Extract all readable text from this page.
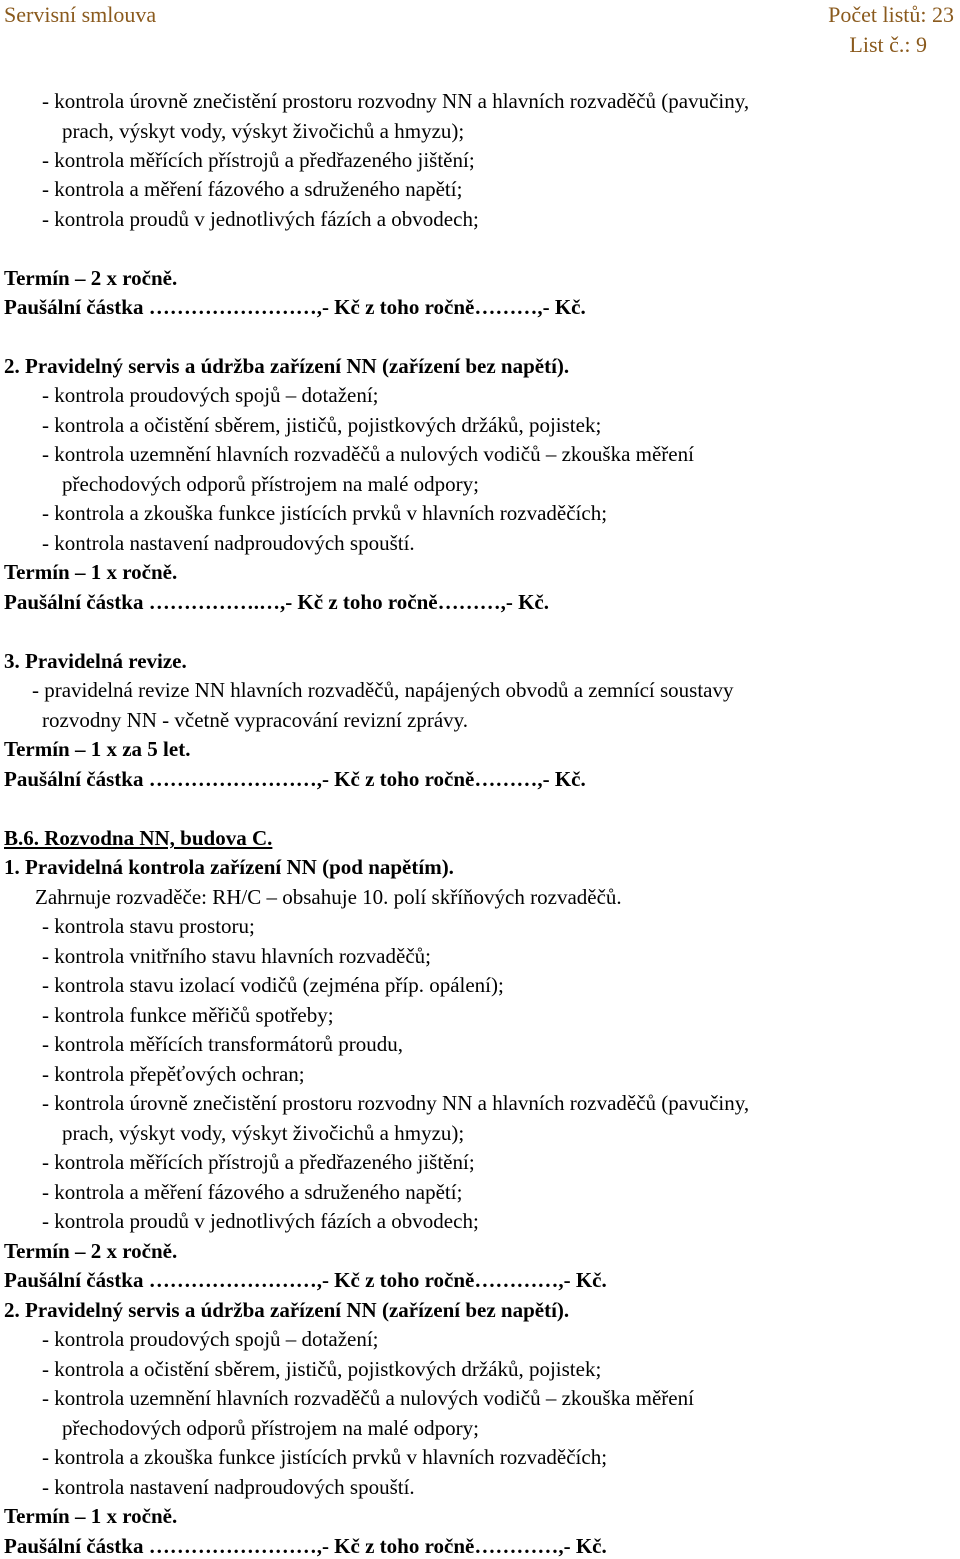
Servisní smlouva	Počet listů: 23
List č.: 9
- kontrola úrovně znečistění prostoru rozvodny NN a hlavních rozvaděčů (pavučiny,
prach, výskyt vody, výskyt živočichů a hmyzu);
- kontrola měřících přístrojů a předřazeného jištění;
- kontrola a měření fázového a sdruženého napětí;
- kontrola proudů v jednotlivých fázích a obvodech;
Termín – 2 x ročně.
Paušální částka ……………………,- Kč z toho ročně………,- Kč.
2. Pravidelný servis a údržba zařízení NN (zařízení bez napětí).
- kontrola proudových spojů – dotažení;
- kontrola a očistění sběrem, jističů, pojistkových držáků, pojistek;
- kontrola uzemnění hlavních rozvaděčů a nulových vodičů – zkouška měření
přechodových odporů přístrojem na malé odpory;
- kontrola a zkouška funkce jistících prvků v hlavních rozvaděčích;
- kontrola nastavení nadproudových spouští.
Termín – 1 x ročně.
Paušální částka …………….…,- Kč z toho ročně………,- Kč.
3. Pravidelná revize.
- pravidelná revize NN hlavních rozvaděčů, napájených obvodů a zemnící soustavy
rozvodny NN - včetně vypracování revizní zprávy.
Termín – 1 x za 5 let.
Paušální částka ……………………,- Kč z toho ročně………,- Kč.
B.6. Rozvodna NN, budova C.
1. Pravidelná kontrola zařízení NN (pod napětím).
Zahrnuje rozvaděče: RH/C – obsahuje 10. polí skříňových rozvaděčů.
- kontrola stavu prostoru;
- kontrola vnitřního stavu hlavních rozvaděčů;
- kontrola stavu izolací vodičů (zejména příp. opálení);
- kontrola funkce měřičů spotřeby;
- kontrola měřících transformátorů proudu,
- kontrola přepěťových ochran;
- kontrola úrovně znečistění prostoru rozvodny NN a hlavních rozvaděčů (pavučiny,
prach, výskyt vody, výskyt živočichů a hmyzu);
- kontrola měřících přístrojů a předřazeného jištění;
- kontrola a měření fázového a sdruženého napětí;
- kontrola proudů v jednotlivých fázích a obvodech;
Termín – 2 x ročně.
Paušální částka ……………………,- Kč z toho ročně…………,- Kč.
2. Pravidelný servis a údržba zařízení NN (zařízení bez napětí).
- kontrola proudových spojů – dotažení;
- kontrola a očistění sběrem, jističů, pojistkových držáků, pojistek;
- kontrola uzemnění hlavních rozvaděčů a nulových vodičů – zkouška měření
přechodových odporů přístrojem na malé odpory;
- kontrola a zkouška funkce jistících prvků v hlavních rozvaděčích;
- kontrola nastavení nadproudových spouští.
Termín – 1 x ročně.
Paušální částka ……………………,- Kč z toho ročně…………,- Kč.
